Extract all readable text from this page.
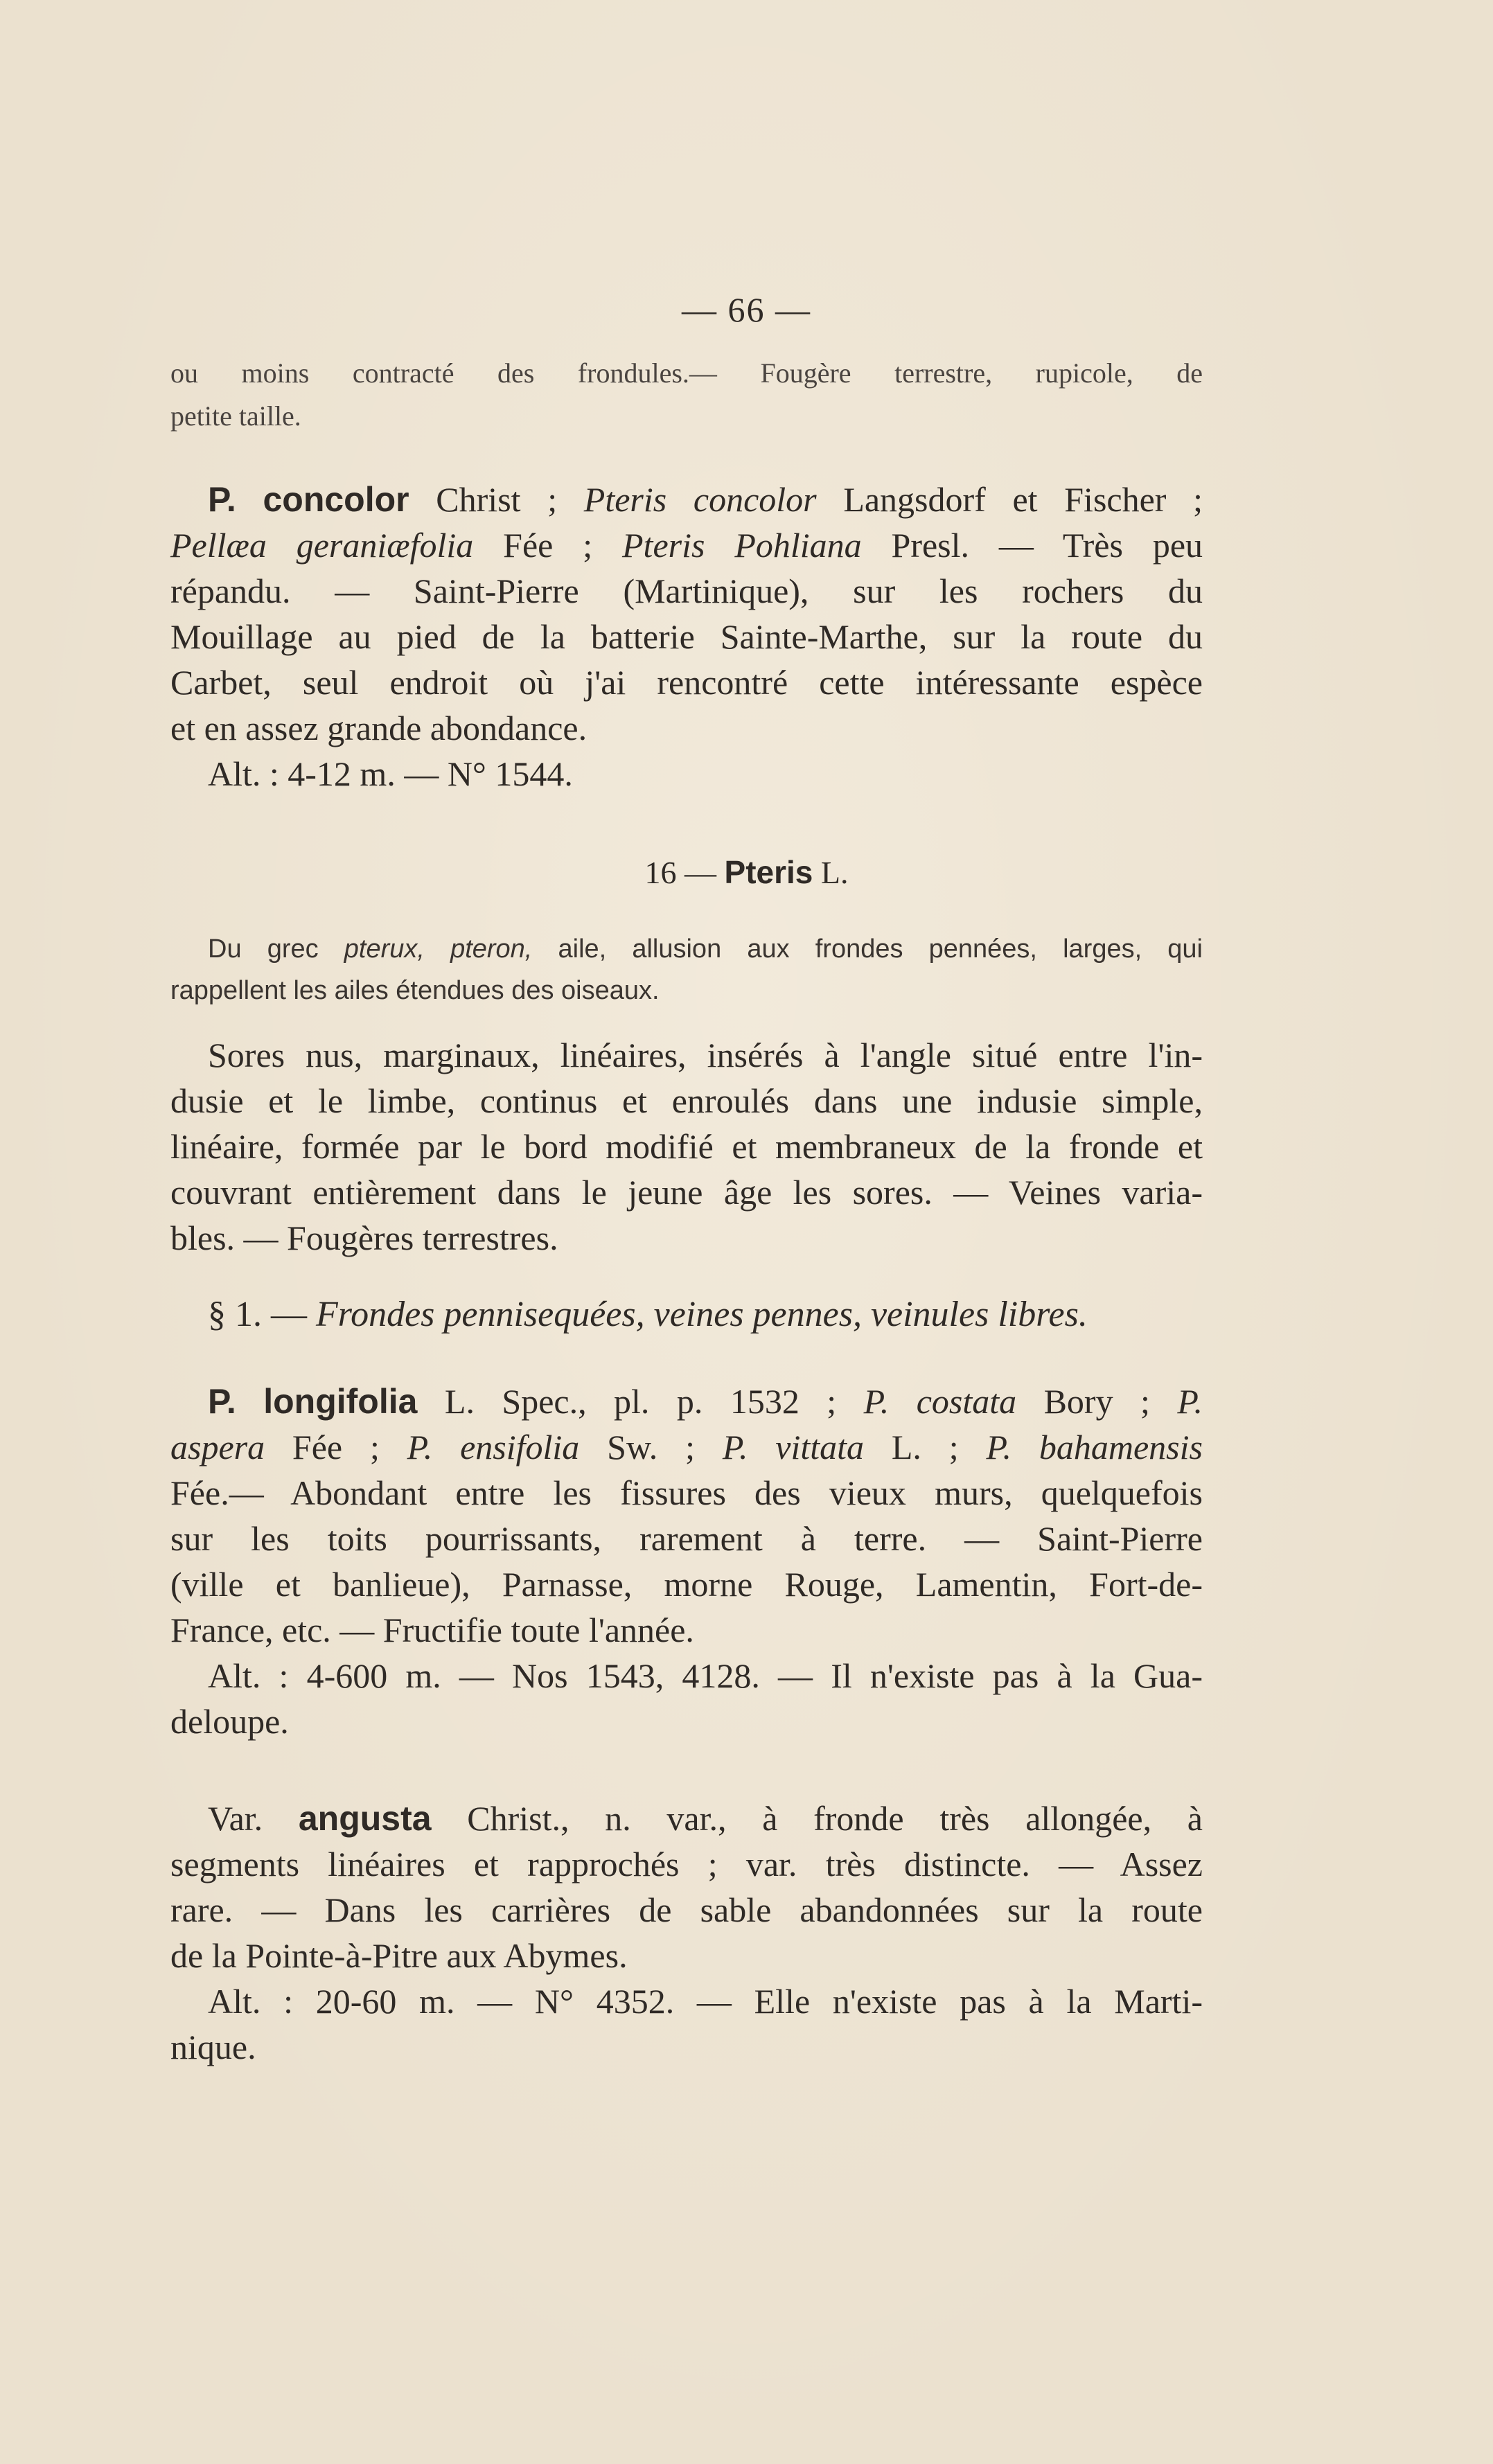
— 66 —
ou moins contracté des frondules.— Fougère terrestre, rupicole, de
petite taille.
P. concolor Christ ; Pteris concolor Langsdorf et Fischer ;
Pellæa geraniæfolia Fée ; Pteris Pohliana Presl. — Très peu
répandu. — Saint-Pierre (Martinique), sur les rochers du
Mouillage au pied de la batterie Sainte-Marthe, sur la route du
Carbet, seul endroit où j'ai rencontré cette intéressante espèce
et en assez grande abondance.
Alt. : 4-12 m. — N° 1544.
16 — Pteris L.
Du grec pterux, pteron, aile, allusion aux frondes pennées, larges, qui
rappellent les ailes étendues des oiseaux.
Sores nus, marginaux, linéaires, insérés à l'angle situé entre l'in-
dusie et le limbe, continus et enroulés dans une indusie simple,
linéaire, formée par le bord modifié et membraneux de la fronde et
couvrant entièrement dans le jeune âge les sores. — Veines varia-
bles. — Fougères terrestres.
§ 1. — Frondes pennisequées, veines pennes, veinules libres.
P. longifolia L. Spec., pl. p. 1532 ; P. costata Bory ; P.
aspera Fée ; P. ensifolia Sw. ; P. vittata L. ; P. bahamensis
Fée.— Abondant entre les fissures des vieux murs, quelquefois
sur les toits pourrissants, rarement à terre. — Saint-Pierre
(ville et banlieue), Parnasse, morne Rouge, Lamentin, Fort-de-
France, etc. — Fructifie toute l'année.
Alt. : 4-600 m. — Nos 1543, 4128. — Il n'existe pas à la Gua-
deloupe.
Var. angusta Christ., n. var., à fronde très allongée, à
segments linéaires et rapprochés ; var. très distincte. — Assez
rare. — Dans les carrières de sable abandonnées sur la route
de la Pointe-à-Pitre aux Abymes.
Alt. : 20-60 m. — N° 4352. — Elle n'existe pas à la Marti-
nique.
